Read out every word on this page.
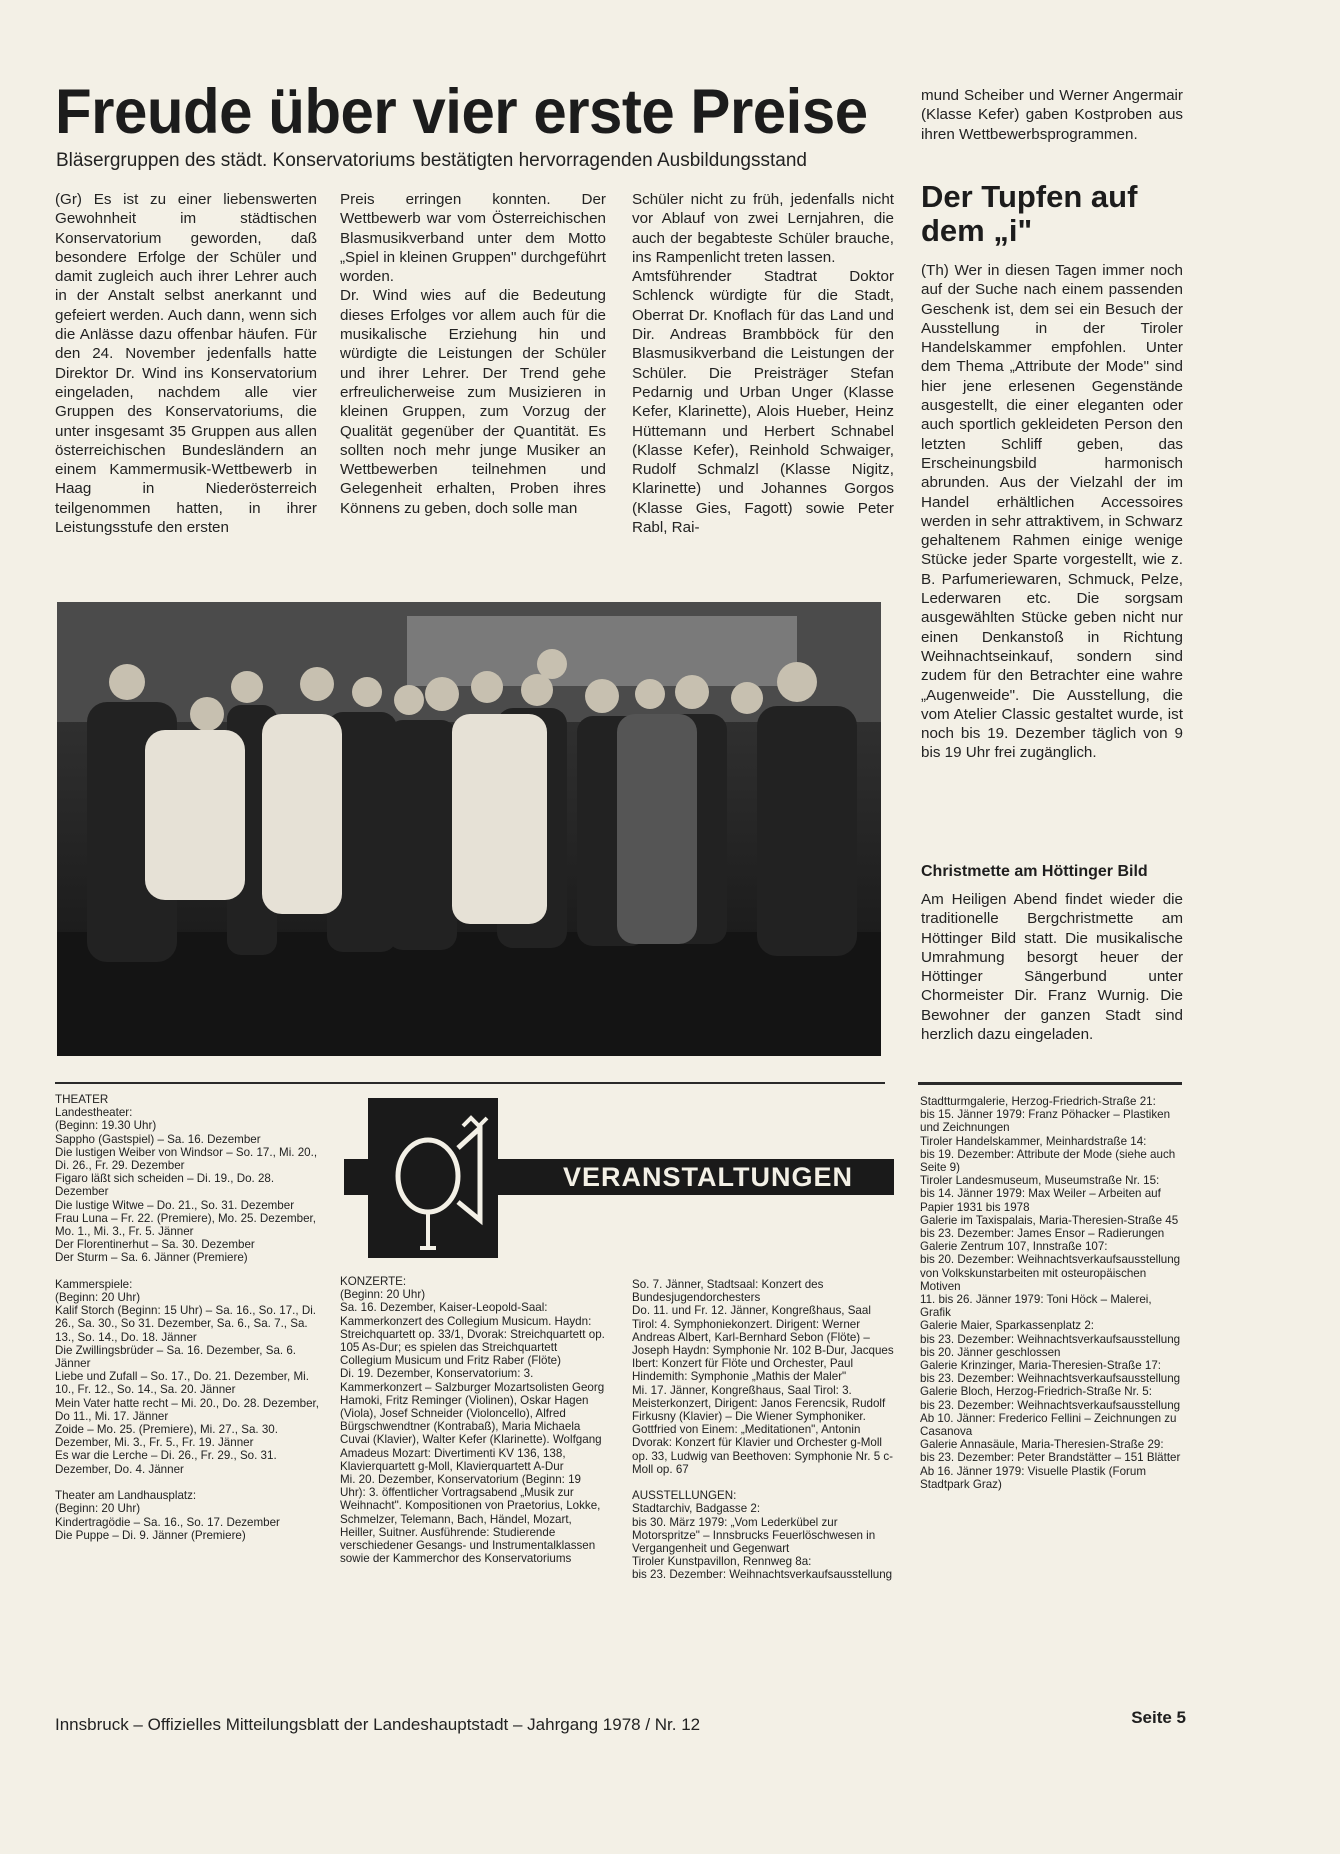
Freude über vier erste Preise
Bläsergruppen des städt. Konservatoriums bestätigten hervorragenden Ausbildungsstand
(Gr) Es ist zu einer liebenswerten Gewohnheit im städtischen Konservatorium geworden, daß besondere Erfolge der Schüler und damit zugleich auch ihrer Lehrer auch in der Anstalt selbst anerkannt und gefeiert werden. Auch dann, wenn sich die Anlässe dazu offenbar häufen. Für den 24. November jedenfalls hatte Direktor Dr. Wind ins Konservatorium eingeladen, nachdem alle vier Gruppen des Konservatoriums, die unter insgesamt 35 Gruppen aus allen österreichischen Bundesländern an einem Kammermusik-Wettbewerb in Haag in Niederösterreich teilgenommen hatten, in ihrer Leistungsstufe den ersten
Preis erringen konnten. Der Wettbewerb war vom Österreichischen Blasmusikverband unter dem Motto „Spiel in kleinen Gruppen" durchgeführt worden.
Dr. Wind wies auf die Bedeutung dieses Erfolges vor allem auch für die musikalische Erziehung hin und würdigte die Leistungen der Schüler und ihrer Lehrer. Der Trend gehe erfreulicherweise zum Musizieren in kleinen Gruppen, zum Vorzug der Qualität gegenüber der Quantität. Es sollten noch mehr junge Musiker an Wettbewerben teilnehmen und Gelegenheit erhalten, Proben ihres Könnens zu geben, doch solle man
Schüler nicht zu früh, jedenfalls nicht vor Ablauf von zwei Lernjahren, die auch der begabteste Schüler brauche, ins Rampenlicht treten lassen.
Amtsführender Stadtrat Doktor Schlenck würdigte für die Stadt, Oberrat Dr. Knoflach für das Land und Dir. Andreas Brambböck für den Blasmusikverband die Leistungen der Schüler. Die Preisträger Stefan Pedarnig und Urban Unger (Klasse Kefer, Klarinette), Alois Hueber, Heinz Hüttemann und Herbert Schnabel (Klasse Kefer), Reinhold Schwaiger, Rudolf Schmalzl (Klasse Nigitz, Klarinette) und Johannes Gorgos (Klasse Gies, Fagott) sowie Peter Rabl, Rai-
mund Scheiber und Werner Angermair (Klasse Kefer) gaben Kostproben aus ihren Wettbewerbsprogrammen.
Der Tupfen auf dem „i"
(Th) Wer in diesen Tagen immer noch auf der Suche nach einem passenden Geschenk ist, dem sei ein Besuch der Ausstellung in der Tiroler Handelskammer empfohlen. Unter dem Thema „Attribute der Mode" sind hier jene erlesenen Gegenstände ausgestellt, die einer eleganten oder auch sportlich gekleideten Person den letzten Schliff geben, das Erscheinungsbild harmonisch abrunden. Aus der Vielzahl der im Handel erhältlichen Accessoires werden in sehr attraktivem, in Schwarz gehaltenem Rahmen einige wenige Stücke jeder Sparte vorgestellt, wie z. B. Parfumeriewaren, Schmuck, Pelze, Lederwaren etc. Die sorgsam ausgewählten Stücke geben nicht nur einen Denkanstoß in Richtung Weihnachtseinkauf, sondern sind zudem für den Betrachter eine wahre „Augenweide". Die Ausstellung, die vom Atelier Classic gestaltet wurde, ist noch bis 19. Dezember täglich von 9 bis 19 Uhr frei zugänglich.
Christmette am Höttinger Bild
Am Heiligen Abend findet wieder die traditionelle Bergchristmette am Höttinger Bild statt. Die musikalische Umrahmung besorgt heuer der Höttinger Sängerbund unter Chormeister Dir. Franz Wurnig. Die Bewohner der ganzen Stadt sind herzlich dazu eingeladen.
THEATER
Landestheater:
(Beginn: 19.30 Uhr)
Sappho (Gastspiel) – Sa. 16. Dezember
Die lustigen Weiber von Windsor – So. 17., Mi. 20., Di. 26., Fr. 29. Dezember
Figaro läßt sich scheiden – Di. 19., Do. 28. Dezember
Die lustige Witwe – Do. 21., So. 31. Dezember
Frau Luna – Fr. 22. (Premiere), Mo. 25. Dezember, Mo. 1., Mi. 3., Fr. 5. Jänner
Der Florentinerhut – Sa. 30. Dezember
Der Sturm – Sa. 6. Jänner (Premiere)

Kammerspiele:
(Beginn: 20 Uhr)
Kalif Storch (Beginn: 15 Uhr) – Sa. 16., So. 17., Di. 26., Sa. 30., So 31. Dezember, Sa. 6., Sa. 7., Sa. 13., So. 14., Do. 18. Jänner
Die Zwillingsbrüder – Sa. 16. Dezember, Sa. 6. Jänner
Liebe und Zufall – So. 17., Do. 21. Dezember, Mi. 10., Fr. 12., So. 14., Sa. 20. Jänner
Mein Vater hatte recht – Mi. 20., Do. 28. Dezember, Do 11., Mi. 17. Jänner
Zoide – Mo. 25. (Premiere), Mi. 27., Sa. 30. Dezember, Mi. 3., Fr. 5., Fr. 19. Jänner
Es war die Lerche – Di. 26., Fr. 29., So. 31. Dezember, Do. 4. Jänner

Theater am Landhausplatz:
(Beginn: 20 Uhr)
Kindertragödie – Sa. 16., So. 17. Dezember
Die Puppe – Di. 9. Jänner (Premiere)
VERANSTALTUNGEN
KONZERTE:
(Beginn: 20 Uhr)
Sa. 16. Dezember, Kaiser-Leopold-Saal: Kammerkonzert des Collegium Musicum. Haydn: Streichquartett op. 33/1, Dvorak: Streichquartett op. 105 As-Dur; es spielen das Streichquartett Collegium Musicum und Fritz Raber (Flöte)
Di. 19. Dezember, Konservatorium: 3. Kammerkonzert – Salzburger Mozartsolisten Georg Hamoki, Fritz Reminger (Violinen), Oskar Hagen (Viola), Josef Schneider (Violoncello), Alfred Bürgschwendtner (Kontrabaß), Maria Michaela Cuvai (Klavier), Walter Kefer (Klarinette). Wolfgang Amadeus Mozart: Divertimenti KV 136, 138, Klavierquartett g-Moll, Klavierquartett A-Dur
Mi. 20. Dezember, Konservatorium (Beginn: 19 Uhr): 3. öffentlicher Vortragsabend „Musik zur Weihnacht". Kompositionen von Praetorius, Lokke, Schmelzer, Telemann, Bach, Händel, Mozart, Heiller, Suitner. Ausführende: Studierende verschiedener Gesangs- und Instrumentalklassen sowie der Kammerchor des Konservatoriums
So. 7. Jänner, Stadtsaal: Konzert des Bundesjugendorchesters
Do. 11. und Fr. 12. Jänner, Kongreßhaus, Saal Tirol: 4. Symphoniekonzert. Dirigent: Werner Andreas Albert, Karl-Bernhard Sebon (Flöte) – Joseph Haydn: Symphonie Nr. 102 B-Dur, Jacques Ibert: Konzert für Flöte und Orchester, Paul Hindemith: Symphonie „Mathis der Maler"
Mi. 17. Jänner, Kongreßhaus, Saal Tirol: 3. Meisterkonzert, Dirigent: Janos Ferencsik, Rudolf Firkusny (Klavier) – Die Wiener Symphoniker. Gottfried von Einem: „Meditationen", Antonin Dvorak: Konzert für Klavier und Orchester g-Moll op. 33, Ludwig van Beethoven: Symphonie Nr. 5 c-Moll op. 67

AUSSTELLUNGEN:
Stadtarchiv, Badgasse 2:
bis 30. März 1979: „Vom Lederkübel zur Motorspritze" – Innsbrucks Feuerlöschwesen in Vergangenheit und Gegenwart
Tiroler Kunstpavillon, Rennweg 8a:
bis 23. Dezember: Weihnachtsverkaufsausstellung
Stadtturmgalerie, Herzog-Friedrich-Straße 21:
bis 15. Jänner 1979: Franz Pöhacker – Plastiken und Zeichnungen
Tiroler Handelskammer, Meinhardstraße 14:
bis 19. Dezember: Attribute der Mode (siehe auch Seite 9)
Tiroler Landesmuseum, Museumstraße Nr. 15:
bis 14. Jänner 1979: Max Weiler – Arbeiten auf Papier 1931 bis 1978
Galerie im Taxispalais, Maria-Theresien-Straße 45
bis 23. Dezember: James Ensor – Radierungen
Galerie Zentrum 107, Innstraße 107:
bis 20. Dezember: Weihnachtsverkaufsausstellung von Volkskunstarbeiten mit osteuropäischen Motiven
11. bis 26. Jänner 1979: Toni Höck – Malerei, Grafik
Galerie Maier, Sparkassenplatz 2:
bis 23. Dezember: Weihnachtsverkaufsausstellung
bis 20. Jänner geschlossen
Galerie Krinzinger, Maria-Theresien-Straße 17:
bis 23. Dezember: Weihnachtsverkaufsausstellung
Galerie Bloch, Herzog-Friedrich-Straße Nr. 5:
bis 23. Dezember: Weihnachtsverkaufsausstellung
Ab 10. Jänner: Frederico Fellini – Zeichnungen zu Casanova
Galerie Annasäule, Maria-Theresien-Straße 29:
bis 23. Dezember: Peter Brandstätter – 151 Blätter
Ab 16. Jänner 1979: Visuelle Plastik (Forum Stadtpark Graz)
Innsbruck – Offizielles Mitteilungsblatt der Landeshauptstadt – Jahrgang 1978 / Nr. 12	Seite 5
